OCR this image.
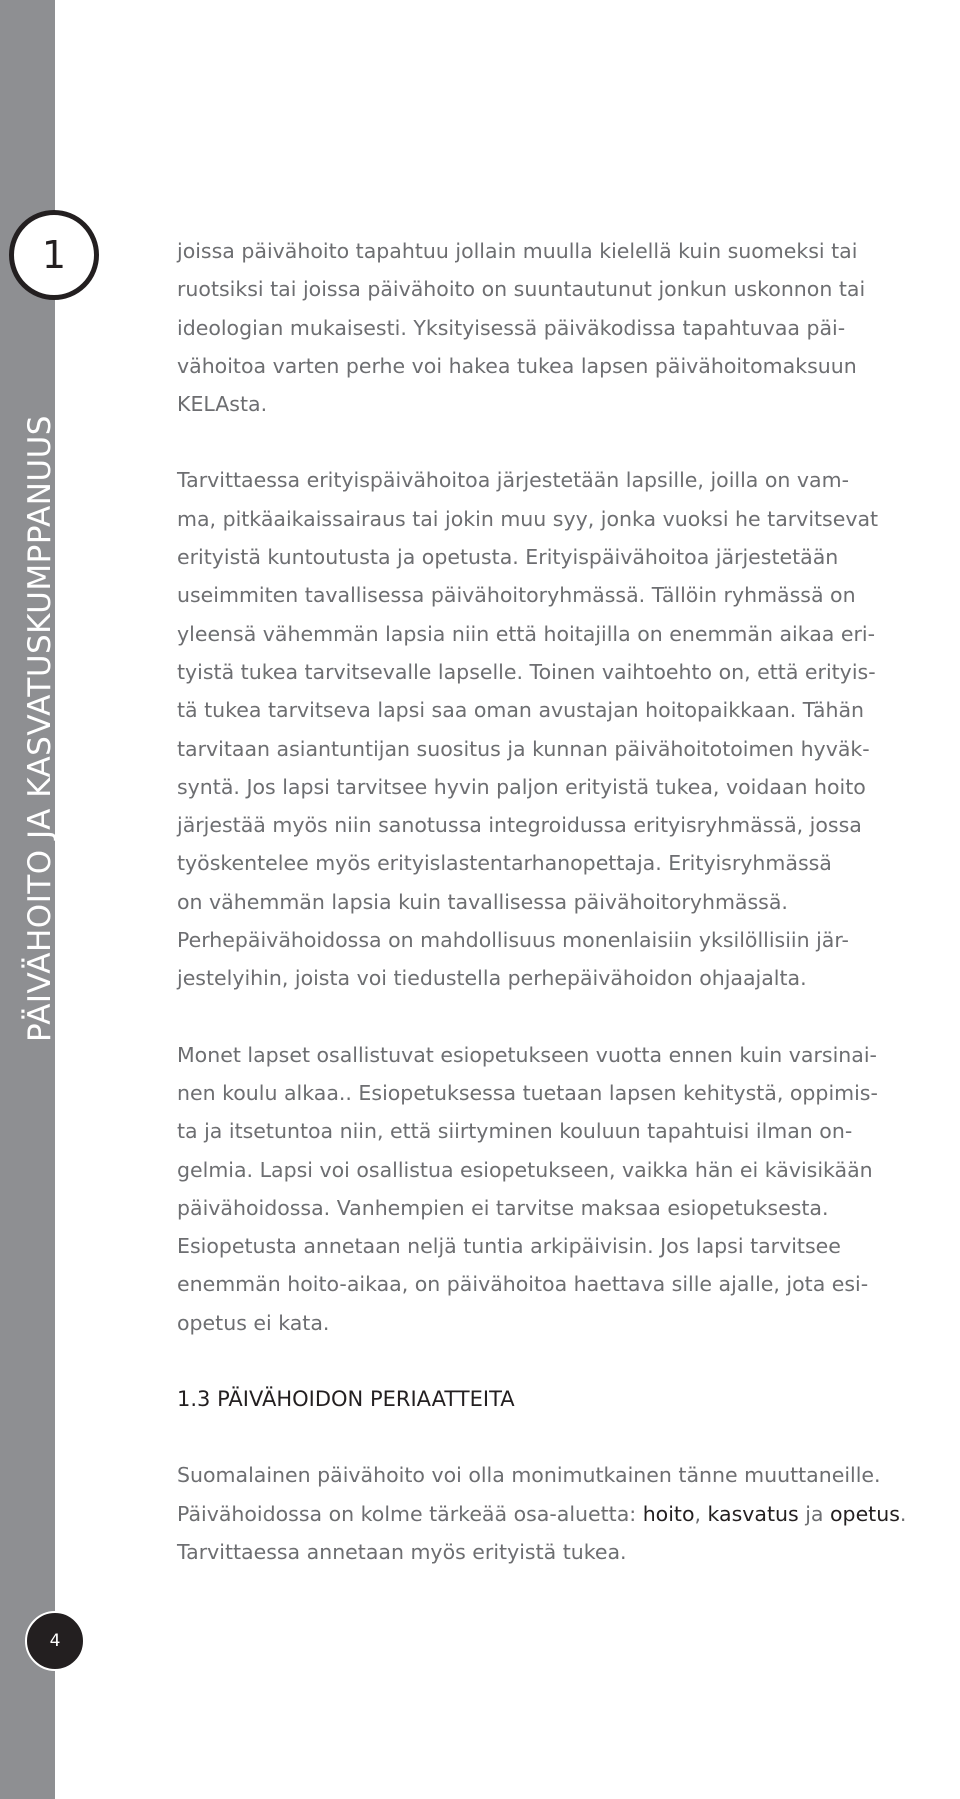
PÄIVÄHOITO JA KASVATUSKUMPPANUUS
1
4

joissa päivähoito tapahtuu jollain muulla kielellä kuin suomeksi tai
ruotsiksi tai joissa päivähoito on suuntautunut jonkun uskonnon tai
ideologian mukaisesti. Yksityisessä päiväkodissa tapahtuvaa päi-
vähoitoa varten perhe voi hakea tukea lapsen päivähoitomaksuun
KELAsta.

Tarvittaessa erityispäivähoitoa järjestetään lapsille, joilla on vam-
ma, pitkäaikaissairaus tai jokin muu syy, jonka vuoksi he tarvitsevat
erityistä kuntoutusta ja opetusta. Erityispäivähoitoa järjestetään
useimmiten tavallisessa päivähoitoryhmässä. Tällöin ryhmässä on
yleensä vähemmän lapsia niin että hoitajilla on enemmän aikaa eri-
tyistä tukea tarvitsevalle lapselle. Toinen vaihtoehto on, että erityis-
tä tukea tarvitseva lapsi saa oman avustajan hoitopaikkaan. Tähän
tarvitaan asiantuntijan suositus ja kunnan päivähoitotoimen hyväk-
syntä. Jos lapsi tarvitsee hyvin paljon erityistä tukea, voidaan hoito
järjestää myös niin sanotussa integroidussa erityisryhmässä, jossa
työskentelee myös erityislastentarhanopettaja. Erityisryhmässä
on vähemmän lapsia kuin tavallisessa päivähoitoryhmässä.
Perhepäivähoidossa on mahdollisuus monenlaisiin yksilöllisiin jär-
jestelyihin, joista voi tiedustella perhepäivähoidon ohjaajalta.

Monet lapset osallistuvat esiopetukseen vuotta ennen kuin varsinai-
nen koulu alkaa.. Esiopetuksessa tuetaan lapsen kehitystä, oppimis-
ta ja itsetuntoa niin, että siirtyminen kouluun tapahtuisi ilman on-
gelmia. Lapsi voi osallistua esiopetukseen, vaikka hän ei kävisikään
päivähoidossa. Vanhempien ei tarvitse maksaa esiopetuksesta.
Esiopetusta annetaan neljä tuntia arkipäivisin. Jos lapsi tarvitsee
enemmän hoito-aikaa, on päivähoitoa haettava sille ajalle, jota esi-
opetus ei kata.

1.3 PÄIVÄHOIDON PERIAATTEITA

Suomalainen päivähoito voi olla monimutkainen tänne muuttaneille.
Päivähoidossa on kolme tärkeää osa-aluetta: hoito, kasvatus ja opetus.
Tarvittaessa annetaan myös erityistä tukea.
